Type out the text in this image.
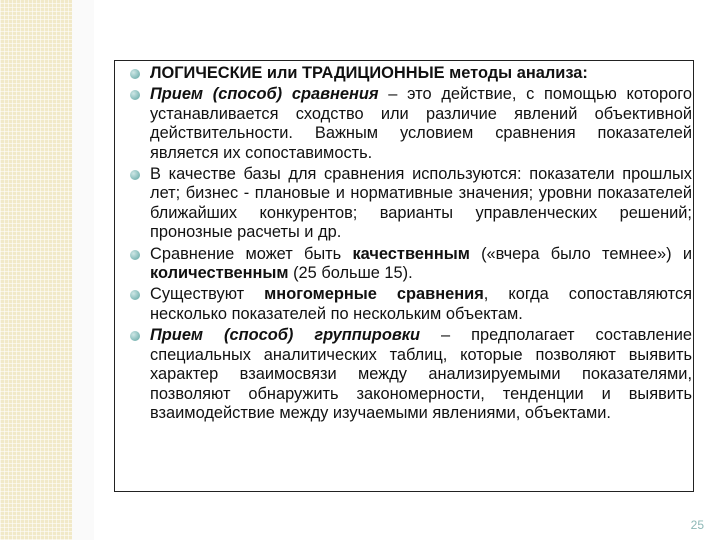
ЛОГИЧЕСКИЕ или ТРАДИЦИОННЫЕ методы анализа:
Прием (способ) сравнения – это действие, с помощью которого устанавливается сходство или различие явлений объективной действительности. Важным условием сравнения показателей является их сопоставимость.
В качестве базы для сравнения используются: показатели прошлых лет; бизнес - плановые и нормативные значения; уровни показателей ближайших конкурентов; варианты управленческих решений; пронозные расчеты и др.
Сравнение может быть качественным («вчера было темнее») и количественным (25 больше 15).
Существуют многомерные сравнения, когда сопоставляются несколько показателей по нескольким объектам.
Прием (способ) группировки – предполагает составление специальных аналитических таблиц, которые позволяют выявить характер взаимосвязи между анализируемыми показателями, позволяют обнаружить закономерности, тенденции и выявить взаимодействие между изучаемыми явлениями, объектами.
25
